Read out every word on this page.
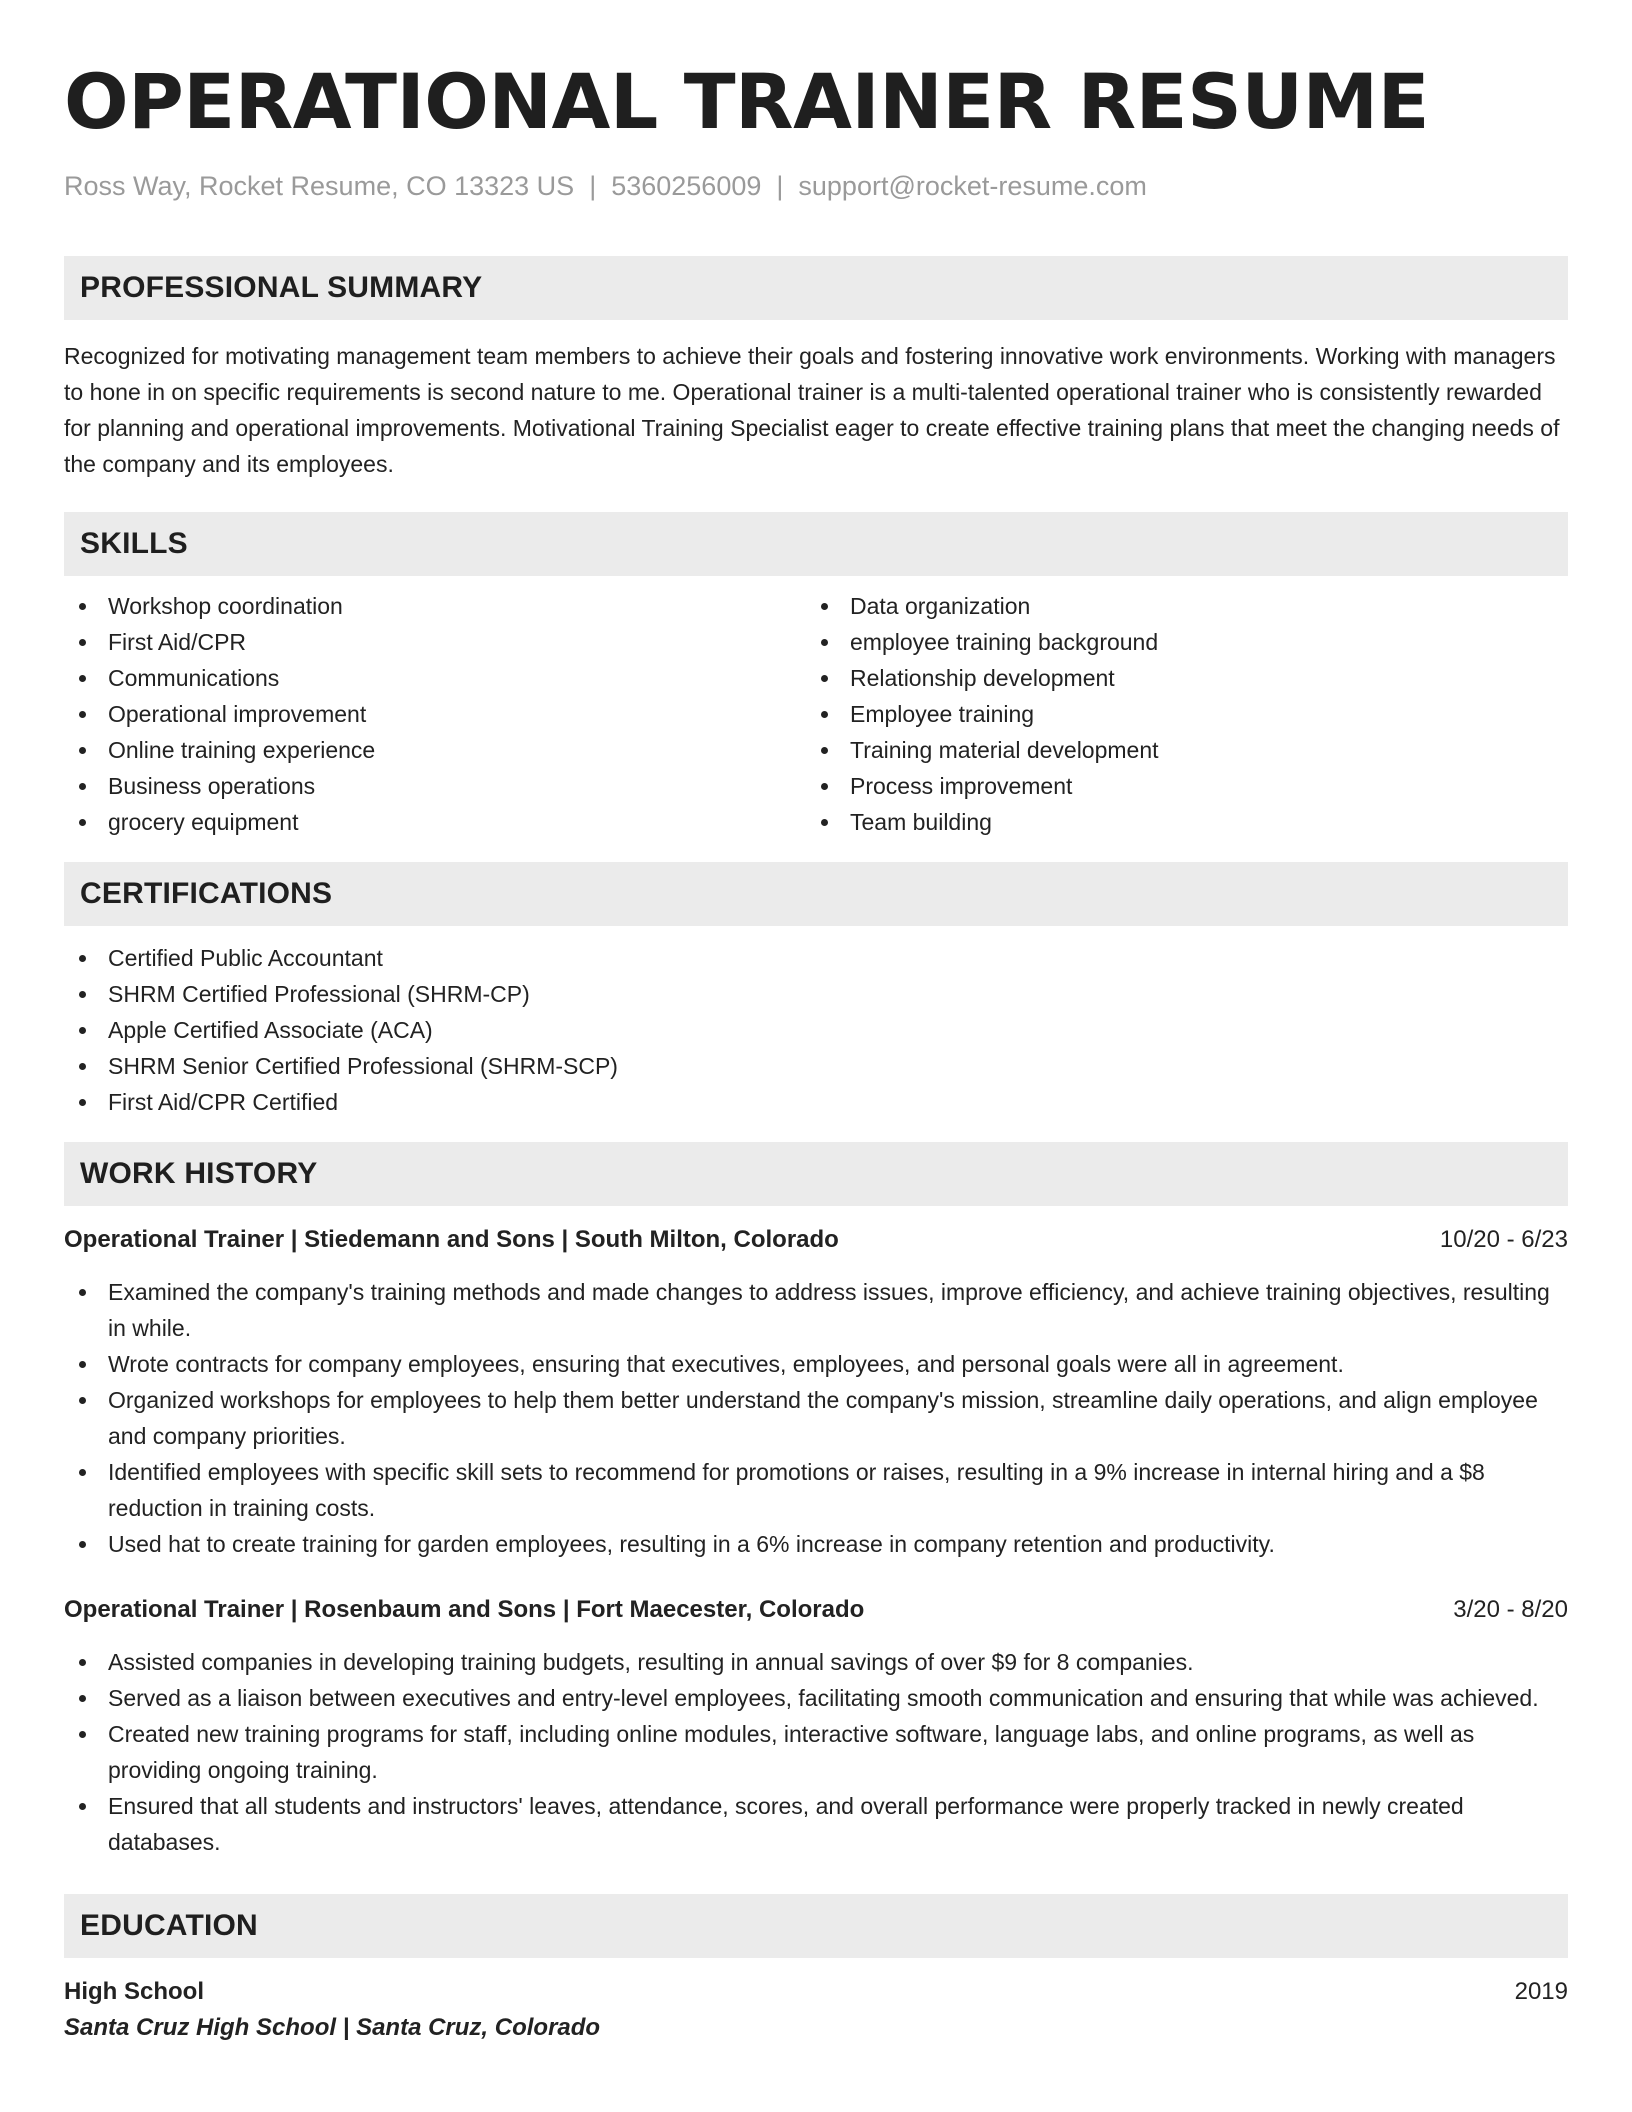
OPERATIONAL TRAINER RESUME
Ross Way, Rocket Resume, CO 13323 US | 5360256009 | support@rocket-resume.com
PROFESSIONAL SUMMARY

Recognized for motivating management team members to achieve their goals and fostering innovative work environments. Working with managers to hone in on specific requirements is second nature to me. Operational trainer is a multi-talented operational trainer who is consistently rewarded for planning and operational improvements. Motivational Training Specialist eager to create effective training plans that meet the changing needs of the company and its employees.

SKILLS
Workshop coordination
First Aid/CPR
Communications
Operational improvement
Online training experience
Business operations
grocery equipment
Data organization
employee training background
Relationship development
Employee training
Training material development
Process improvement
Team building
CERTIFICATIONS
Certified Public Accountant
SHRM Certified Professional (SHRM-CP)
Apple Certified Associate (ACA)
SHRM Senior Certified Professional (SHRM-SCP)
First Aid/CPR Certified
WORK HISTORY
Operational Trainer | Stiedemann and Sons | South Milton, Colorado	10/20 - 6/23
Examined the company's training methods and made changes to address issues, improve efficiency, and achieve training objectives, resulting in while.
Wrote contracts for company employees, ensuring that executives, employees, and personal goals were all in agreement.
Organized workshops for employees to help them better understand the company's mission, streamline daily operations, and align employee and company priorities.
Identified employees with specific skill sets to recommend for promotions or raises, resulting in a 9% increase in internal hiring and a $8 reduction in training costs.
Used hat to create training for garden employees, resulting in a 6% increase in company retention and productivity.
Operational Trainer | Rosenbaum and Sons | Fort Maecester, Colorado	3/20 - 8/20
Assisted companies in developing training budgets, resulting in annual savings of over $9 for 8 companies.
Served as a liaison between executives and entry-level employees, facilitating smooth communication and ensuring that while was achieved.
Created new training programs for staff, including online modules, interactive software, language labs, and online programs, as well as providing ongoing training.
Ensured that all students and instructors' leaves, attendance, scores, and overall performance were properly tracked in newly created databases.
EDUCATION
High School	2019
Santa Cruz High School | Santa Cruz, Colorado
